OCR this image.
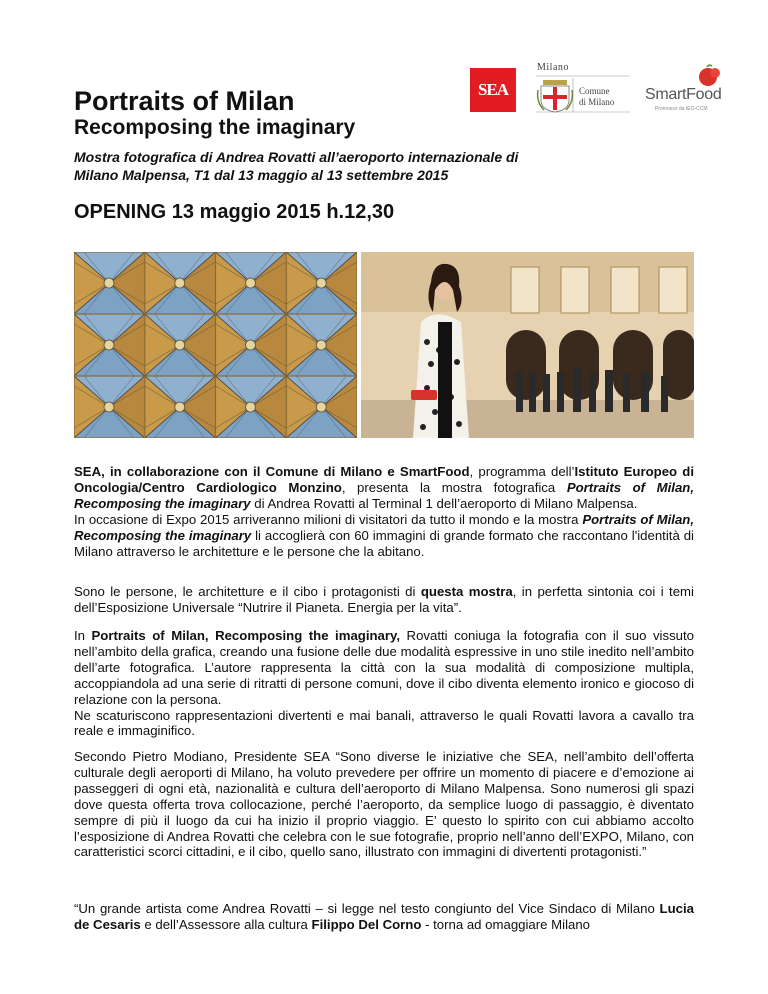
Portraits of Milan
Recomposing the imaginary
Mostra fotografica di Andrea Rovatti all’aeroporto internazionale di
Milano Malpensa, T1 dal 13 maggio al 13 settembre 2015
OPENING 13 maggio 2015 h.12,30
SEA
Milano
Comune
di Milano SmartFood
Promosso da IEO-CCM

SEA, in collaborazione con il Comune di Milano e SmartFood, programma dell’Istituto Europeo di Oncologia/Centro Cardiologico Monzino, presenta la mostra fotografica Portraits of Milan, Recomposing the imaginary di Andrea Rovatti al Terminal 1 dell’aeroporto di Milano Malpensa.

In occasione di Expo 2015 arriveranno milioni di visitatori da tutto il mondo e la mostra Portraits of Milan, Recomposing the imaginary li accoglierà con 60 immagini di grande formato che raccontano l'identità di Milano attraverso le architetture e le persone che la abitano.

Sono le persone, le architetture e il cibo i protagonisti di questa mostra, in perfetta sintonia coi i temi dell’Esposizione Universale “Nutrire il Pianeta. Energia per la vita”.

In Portraits of Milan, Recomposing the imaginary, Rovatti coniuga la fotografia con il suo vissuto nell’ambito della grafica, creando una fusione delle due modalità espressive in uno stile inedito nell’ambito dell’arte fotografica. L’autore rappresenta la città con la sua modalità di composizione multipla, accoppiandola ad una serie di ritratti di persone comuni, dove il cibo diventa elemento ironico e giocoso di relazione con la persona.

Ne scaturiscono rappresentazioni divertenti e mai banali, attraverso le quali Rovatti lavora a cavallo tra reale e immaginifico.

Secondo Pietro Modiano, Presidente SEA “Sono diverse le iniziative che SEA, nell’ambito dell’offerta culturale degli aeroporti di Milano, ha voluto prevedere per offrire un momento di piacere e d’emozione ai passeggeri di ogni età, nazionalità e cultura dell’aeroporto di Milano Malpensa. Sono numerosi gli spazi dove questa offerta trova collocazione, perché l’aeroporto, da semplice luogo di passaggio, è diventato sempre di più il luogo da cui ha inizio il proprio viaggio. E’ questo lo spirito con cui abbiamo accolto l’esposizione di Andrea Rovatti che celebra con le sue fotografie, proprio nell’anno dell’EXPO, Milano, con caratteristici scorci cittadini, e il cibo, quello sano, illustrato con immagini di divertenti protagonisti.”

“Un grande artista come Andrea Rovatti – si legge nel testo congiunto del Vice Sindaco di Milano Lucia de Cesaris e dell’Assessore alla cultura Filippo Del Corno - torna ad omaggiare Milano
